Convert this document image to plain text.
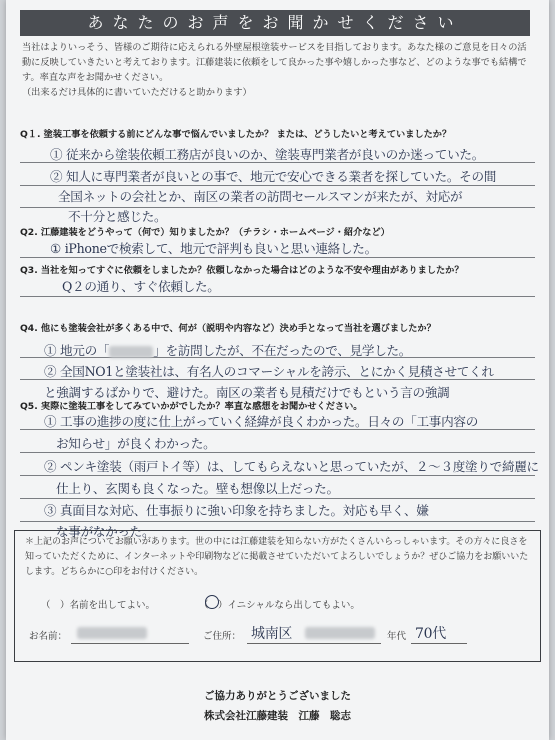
あなたのお声をお聞かせください
当社はよりいっそう、皆様のご期待に応えられる外壁屋根塗装サービスを目指しております。あなた様のご意見を日々の活動に反映していきたいと考えております。江藤建装に依頼をして良かった事や嬉しかった事など、どのような事でも結構です。率直な声をお聞かせください。
（出来るだけ具体的に書いていただけると助かります）
Q１. 塗装工事を依頼する前にどんな事で悩んでいましたか？ または、どうしたいと考えていましたか？
① 従来から塗装依頼工務店が良いのか、塗装専門業者が良いのか迷っていた。
② 知人に専門業者が良いとの事で、地元で安心できる業者を探していた。その間
全国ネットの会社とか、南区の業者の訪問セールスマンが来たが、対応が
不十分と感じた。
Q2. 江藤建装をどうやって（何で）知りましたか？（チラシ・ホームページ・紹介など）
① iPhoneで検索して、地元で評判も良いと思い連絡した。
Q3. 当社を知ってすぐに依頼をしましたか？依頼しなかった場合はどのような不安や理由がありましたか？
Q２の通り、すぐ依頼した。
Q4. 他にも塗装会社が多くある中で、何が（説明や内容など）決め手となって当社を選びましたか？
① 地元の「	」を訪問したが、不在だったので、見学した。
② 全国NO1と塗装社は、有名人のコマーシャルを誇示、とにかく見積させてくれ
と強調するばかりで、避けた。南区の業者も見積だけでもという言の強調
Q5. 実際に塗装工事をしてみていかがでしたか？率直な感想をお聞かせください。
① 工事の進捗の度に仕上がっていく経緯が良くわかった。日々の「工事内容の
お知らせ」が良くわかった。
② ペンキ塗装（雨戸トイ等）は、してもらえないと思っていたが、２〜３度塗りで綺麗に
仕上り、玄関も良くなった。壁も想像以上だった。
③ 真面目な対応、仕事振りに強い印象を持ちました。対応も早く、嫌
な事がなかった。
＊上記のお声についてお願いがあります。世の中には江藤建装を知らない方がたくさんいらっしゃいます。その方々に良さを知っていただくために、インターネットや印刷物などに掲載させていただいてよろしいでしょうか？ぜひご協力をお願いいたします。どちらかに○印をお付けください。
（　）名前を出してよい。	（　）イニシャルなら出してもよい。
お名前：	ご住所： 城南区	年代 70代
ご協力ありがとうございました
株式会社江藤建装　江藤　聡志
